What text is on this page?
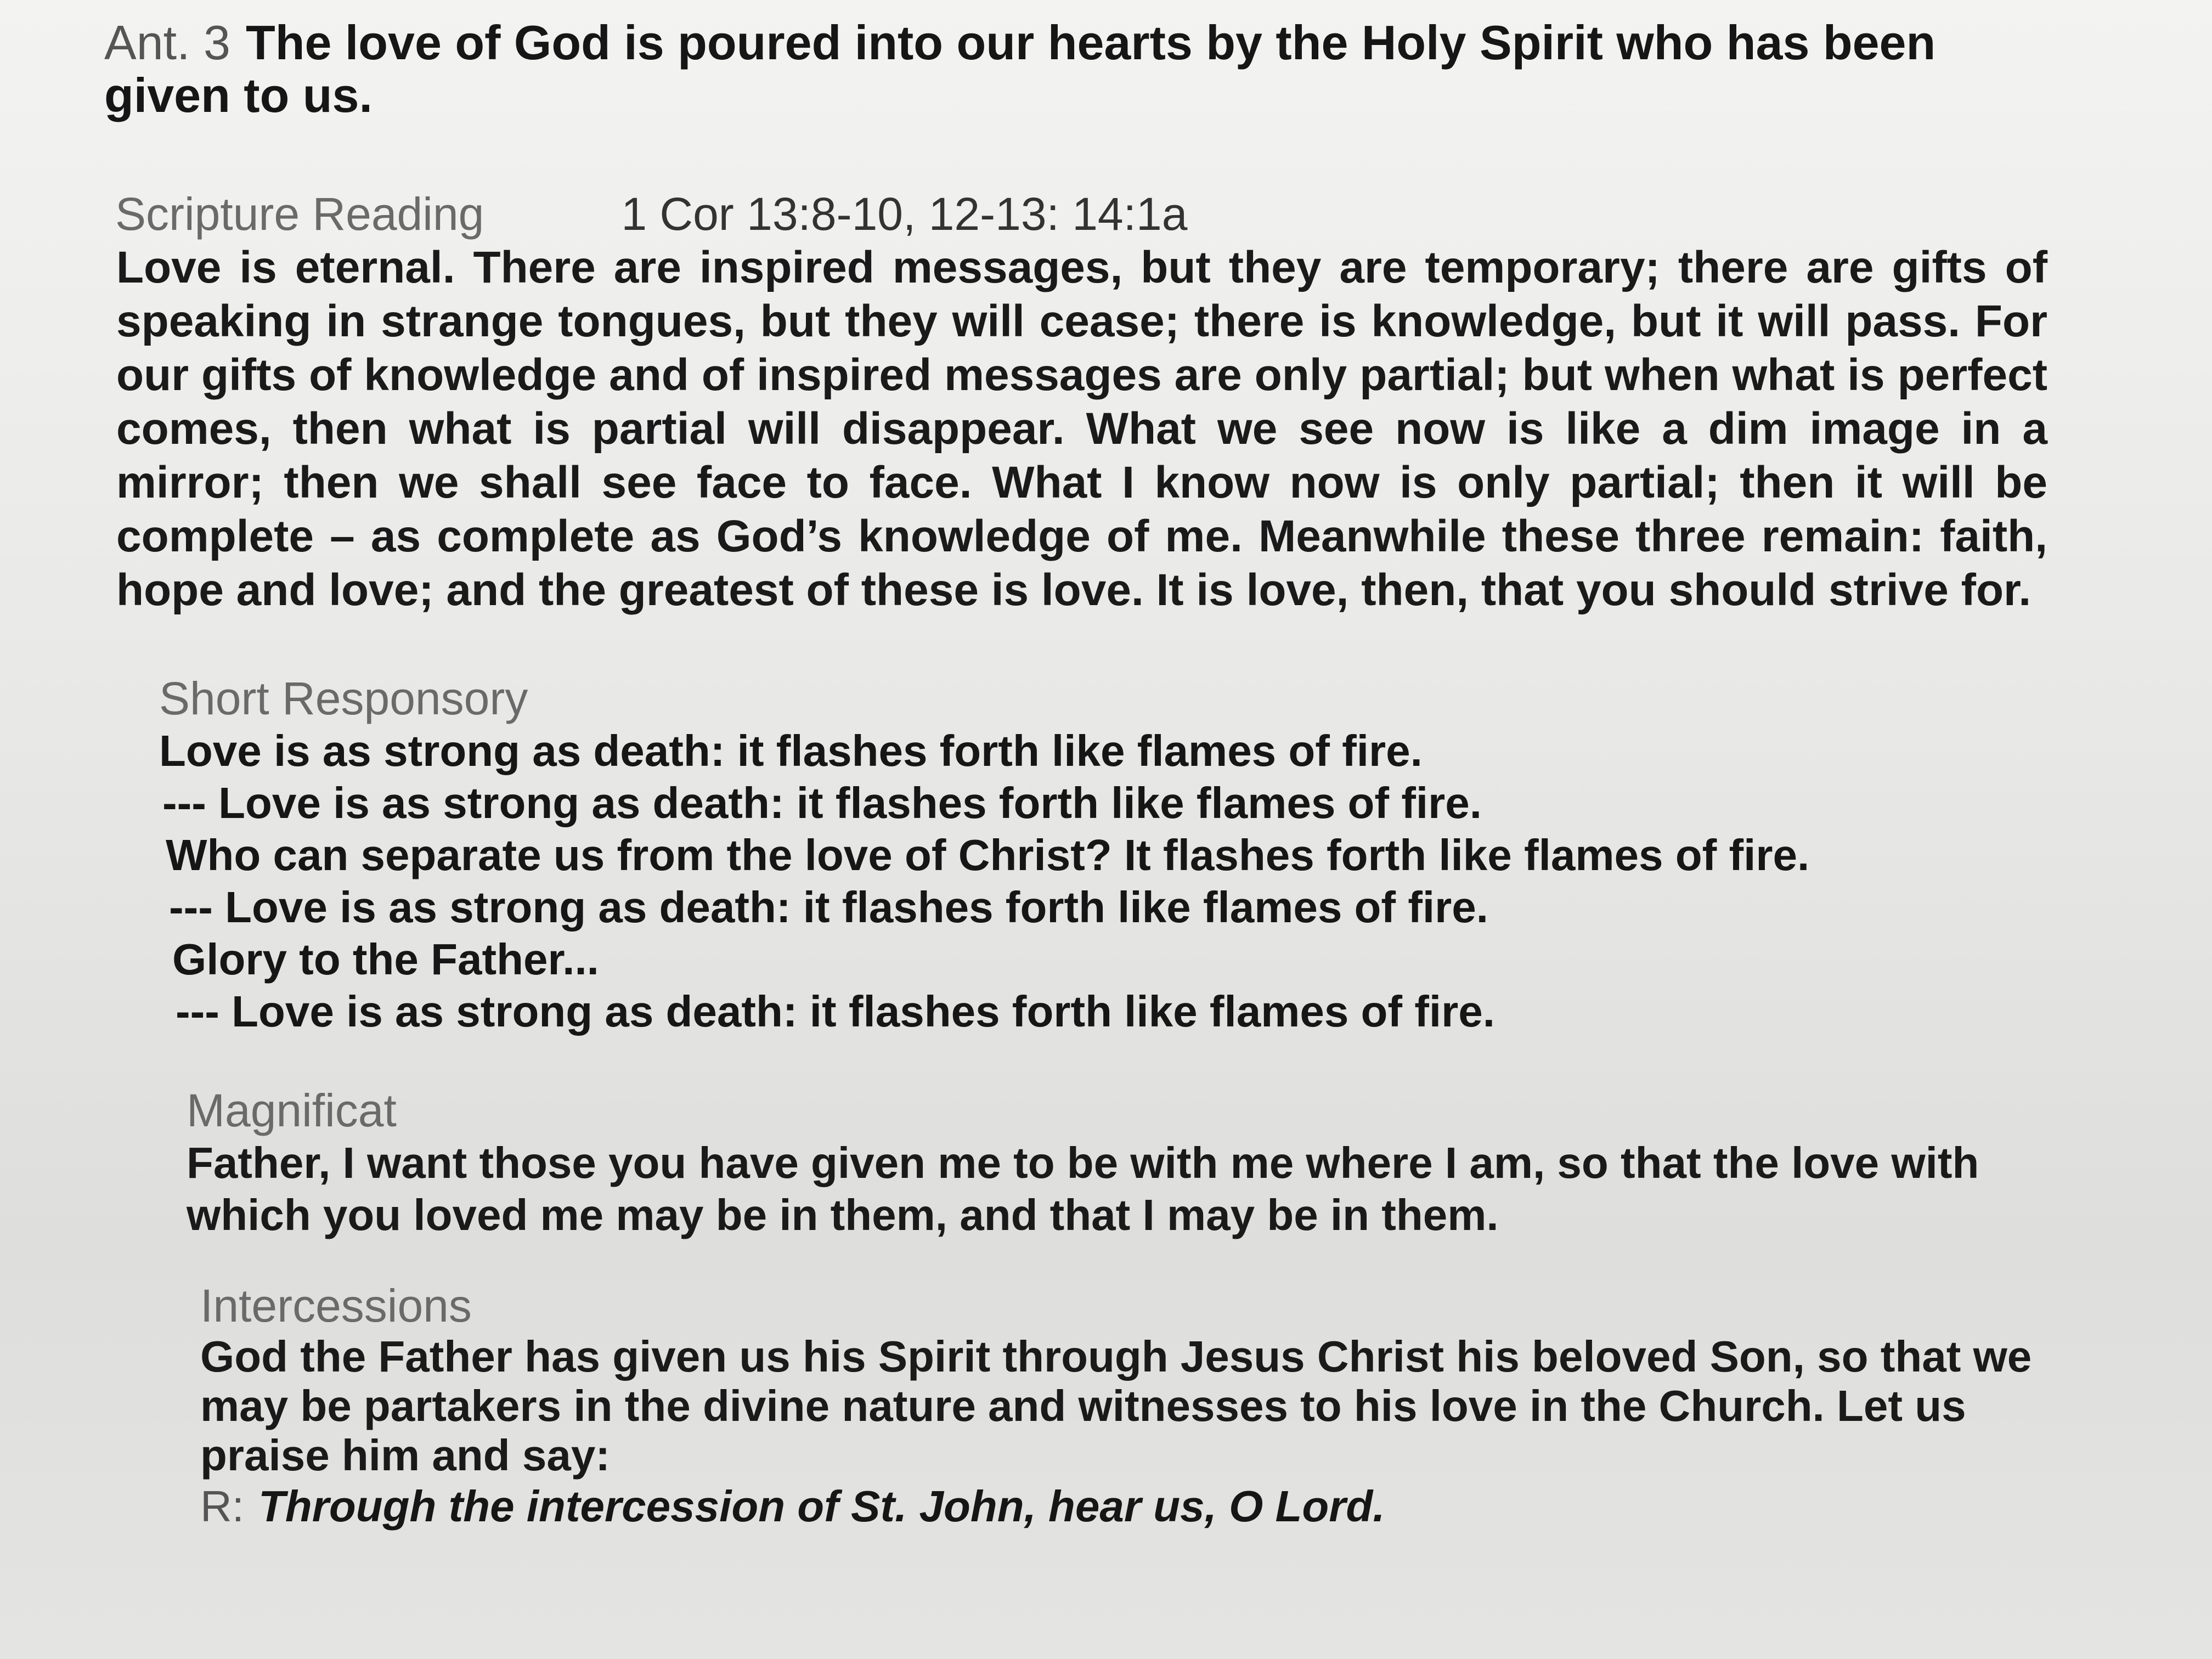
Ant. 3 The love of God is poured into our hearts by the Holy Spirit who has been given to us.
Scripture Reading	1 Cor 13:8-10, 12-13: 14:1a
Love is eternal. There are inspired messages, but they are temporary; there are gifts of speaking in strange tongues, but they will cease; there is knowledge, but it will pass. For our gifts of knowledge and of inspired messages are only partial; but when what is perfect comes, then what is partial will disappear. What we see now is like a dim image in a mirror; then we shall see face to face. What I know now is only partial; then it will be complete – as complete as God’s knowledge of me. Meanwhile these three remain: faith, hope and love; and the greatest of these is love. It is love, then, that you should strive for.
Short Responsory
Love is as strong as death: it flashes forth like flames of fire.
--- Love is as strong as death: it flashes forth like flames of fire.
Who can separate us from the love of Christ? It flashes forth like flames of fire.
--- Love is as strong as death: it flashes forth like flames of fire.
Glory to the Father...
--- Love is as strong as death: it flashes forth like flames of fire.
Magnificat
Father, I want those you have given me to be with me where I am, so that the love with which you loved me may be in them, and that I may be in them.
Intercessions
God the Father has given us his Spirit through Jesus Christ his beloved Son, so that we may be partakers in the divine nature and witnesses to his love in the Church. Let us praise him and say:
R: Through the intercession of St. John, hear us, O Lord.
